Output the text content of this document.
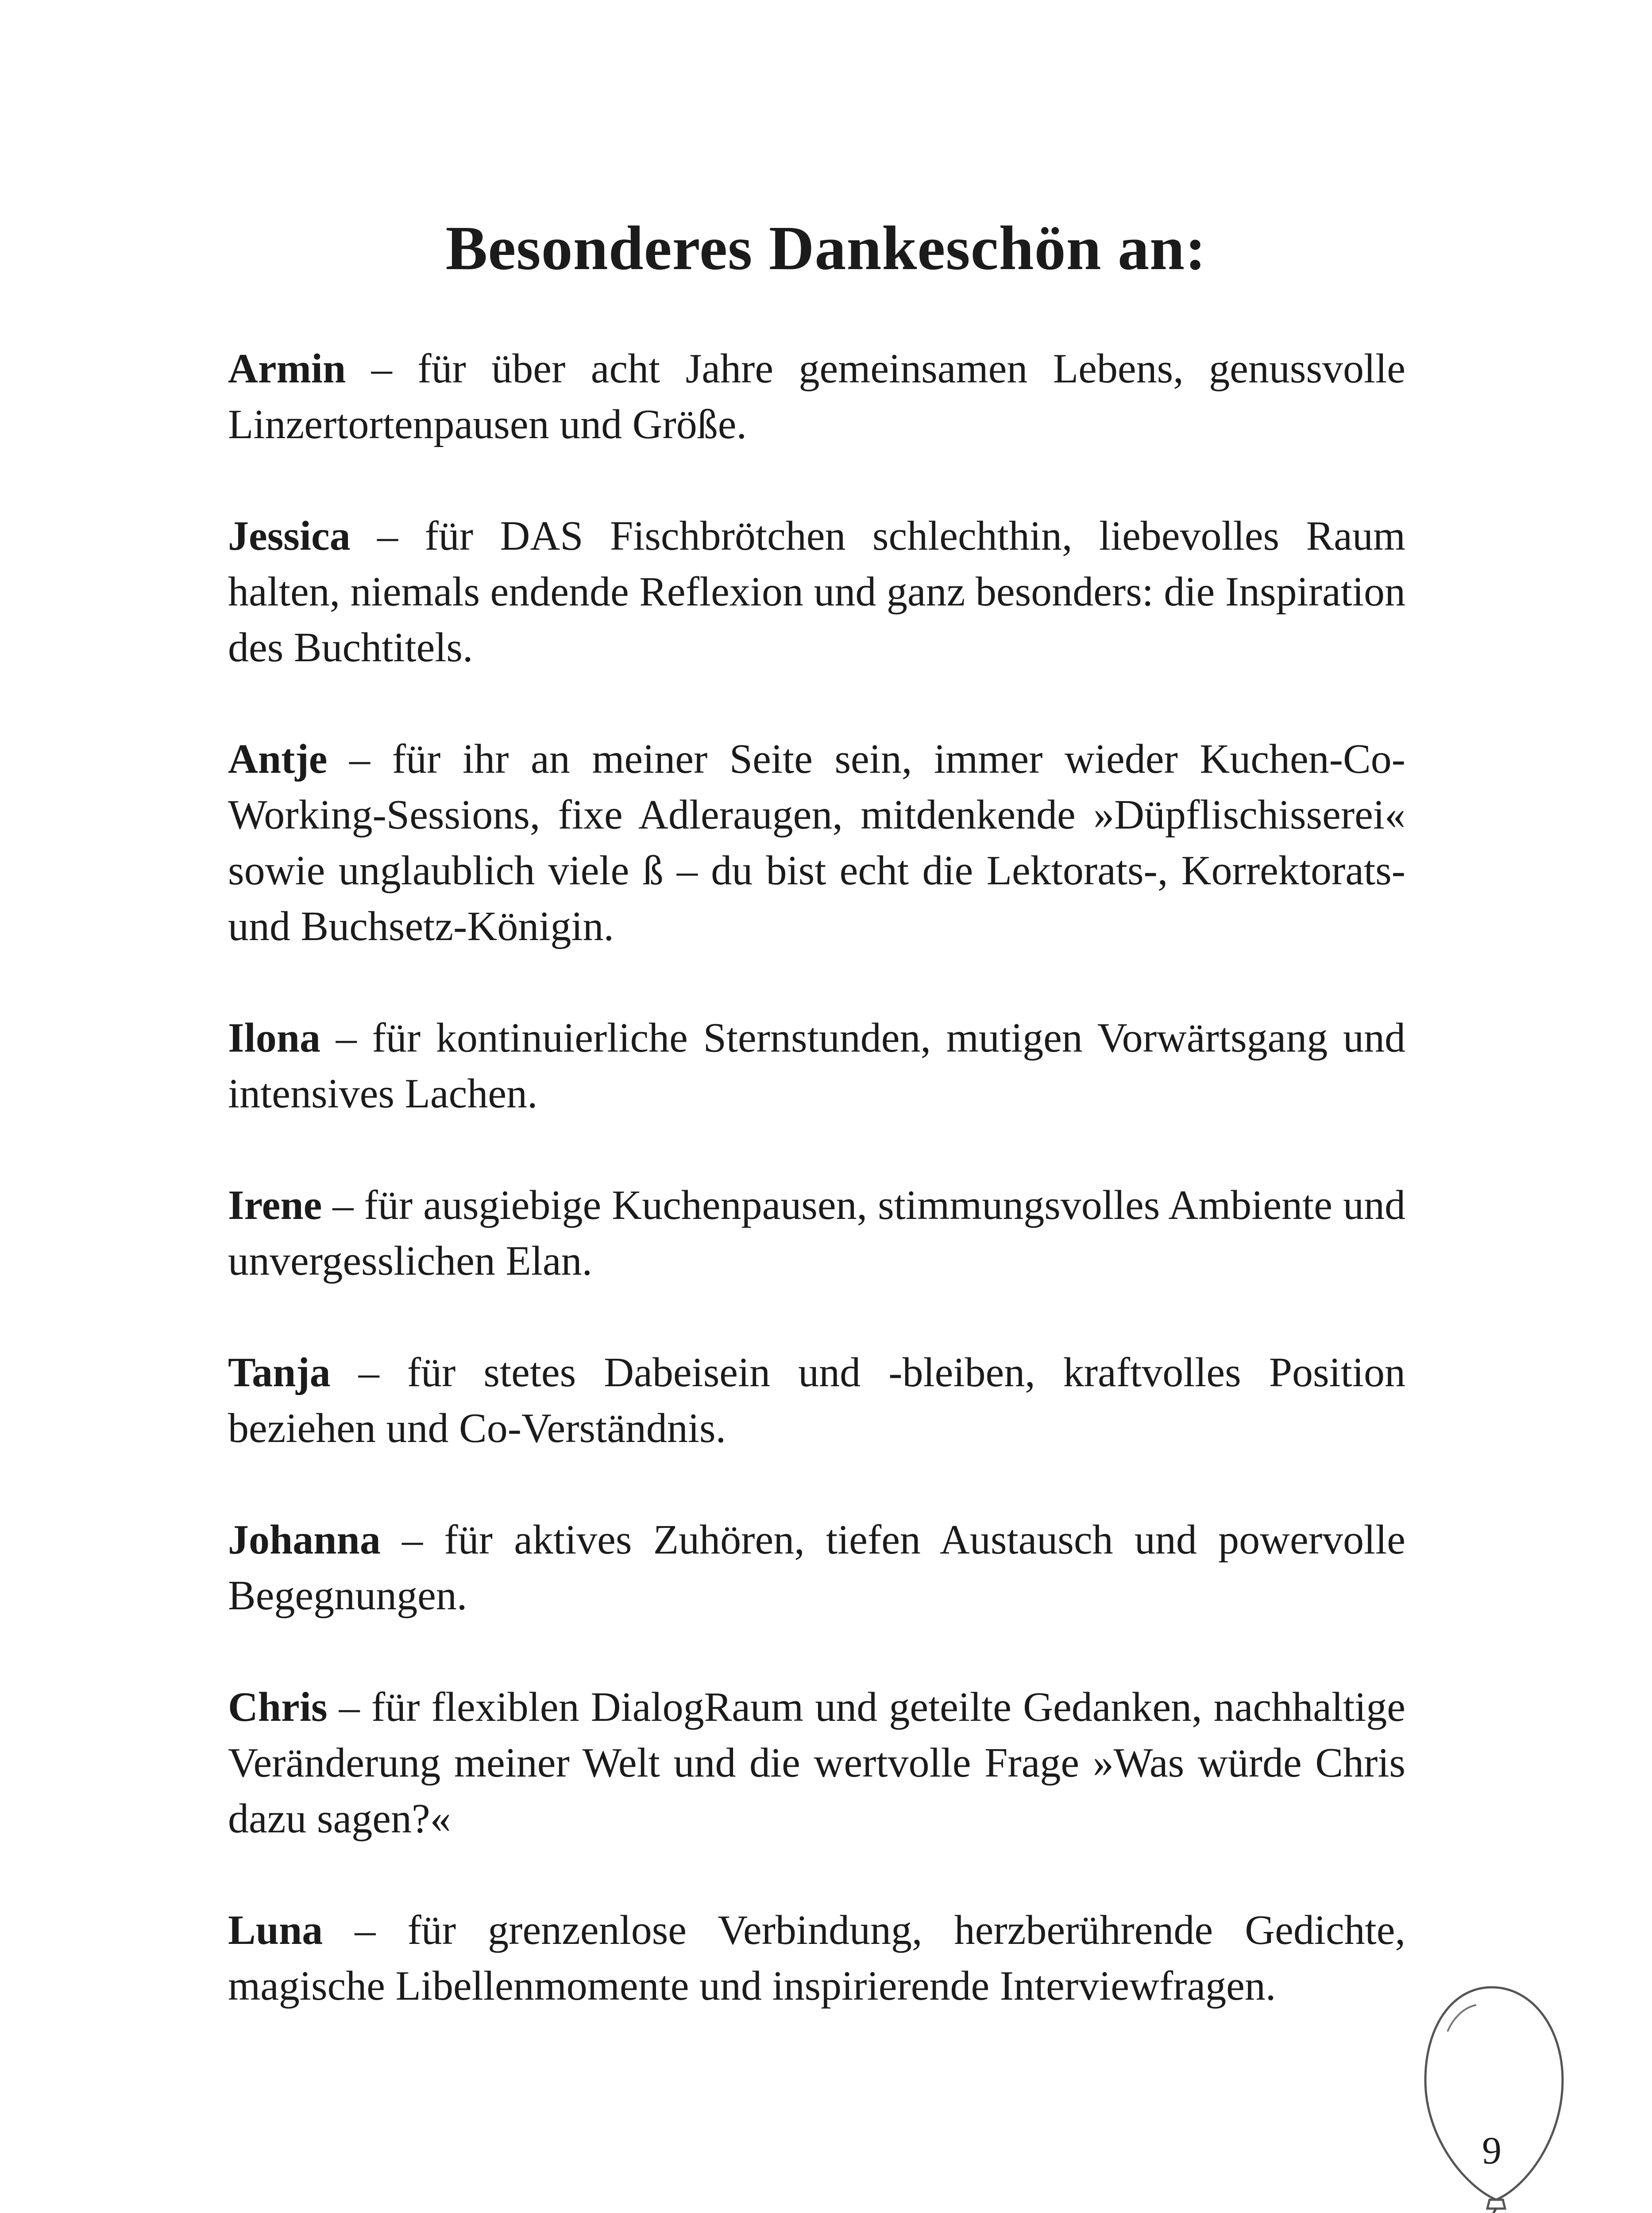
Besonderes Dankeschön an:

Armin – für über acht Jahre gemeinsamen Lebens, genussvolle Linzertortenpausen und Größe.

Jessica – für DAS Fischbrötchen schlechthin, liebevolles Raum halten, niemals endende Reflexion und ganz besonders: die Inspiration des Buchtitels.

Antje – für ihr an meiner Seite sein, immer wieder Kuchen-Co-Working-Sessions, fixe Adleraugen, mitdenkende »Düpflischisserei« sowie unglaublich viele ß – du bist echt die Lektorats-, Korrektorats- und Buchsetz-Königin.

Ilona – für kontinuierliche Sternstunden, mutigen Vorwärtsgang und intensives Lachen.

Irene – für ausgiebige Kuchenpausen, stimmungsvolles Ambiente und unvergesslichen Elan.

Tanja – für stetes Dabeisein und -bleiben, kraftvolles Position beziehen und Co-Verständnis.

Johanna – für aktives Zuhören, tiefen Austausch und powervolle Begegnungen.

Chris – für flexiblen DialogRaum und geteilte Gedanken, nachhaltige Veränderung meiner Welt und die wertvolle Frage »Was würde Chris dazu sagen?«

Luna – für grenzenlose Verbindung, herzberührende Gedichte, magische Libellenmomente und inspirierende Interviewfragen.

9
